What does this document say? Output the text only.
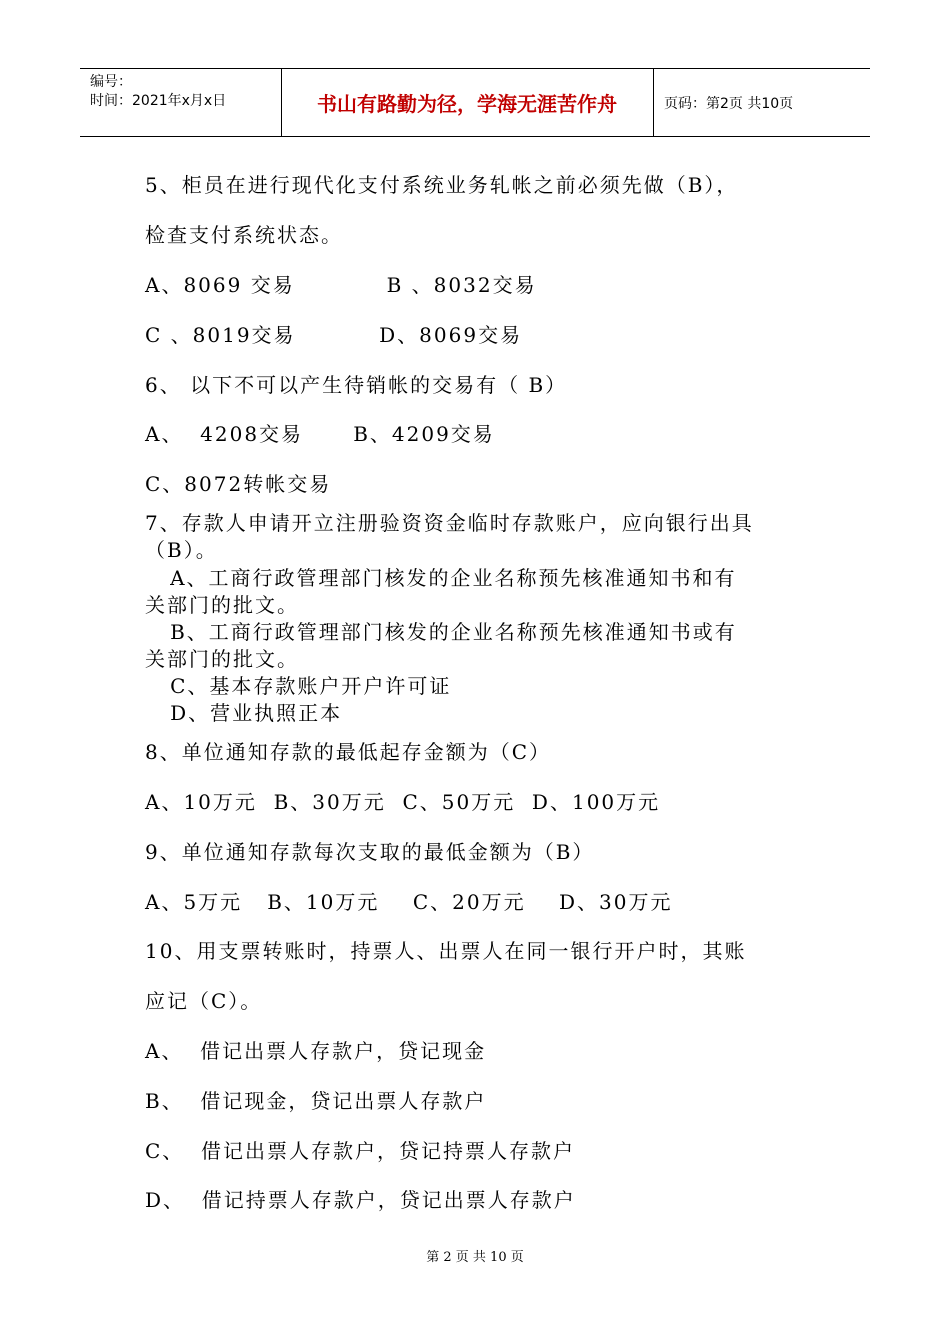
编号：
时间：2021年x月x日	书山有路勤为径，学海无涯苦作舟	页码：第2页 共10页
5、柜员在进行现代化支付系统业务轧帐之前必须先做（B），
检查支付系统状态。
A、8069 交易           B 、8032交易
C 、8019交易          D、8069交易
6、 以下不可以产生待销帐的交易有（ B）
A、  4208交易      B、4209交易
C、8072转帐交易
7、存款人申请开立注册验资资金临时存款账户，应向银行出具
（B）。
A、工商行政管理部门核发的企业名称预先核准通知书和有
关部门的批文。
B、工商行政管理部门核发的企业名称预先核准通知书或有
关部门的批文。
C、基本存款账户开户许可证
D、营业执照正本
8、单位通知存款的最低起存金额为（C）
A、10万元  B、30万元  C、50万元  D、100万元
9、单位通知存款每次支取的最低金额为（B）
A、5万元   B、10万元    C、20万元    D、30万元
10、用支票转账时，持票人、出票人在同一银行开户时，其账
应记（C）。
A、  借记出票人存款户，贷记现金
B、  借记现金，贷记出票人存款户
C、  借记出票人存款户，贷记持票人存款户
D、  借记持票人存款户，贷记出票人存款户
第 2 页 共 10 页
